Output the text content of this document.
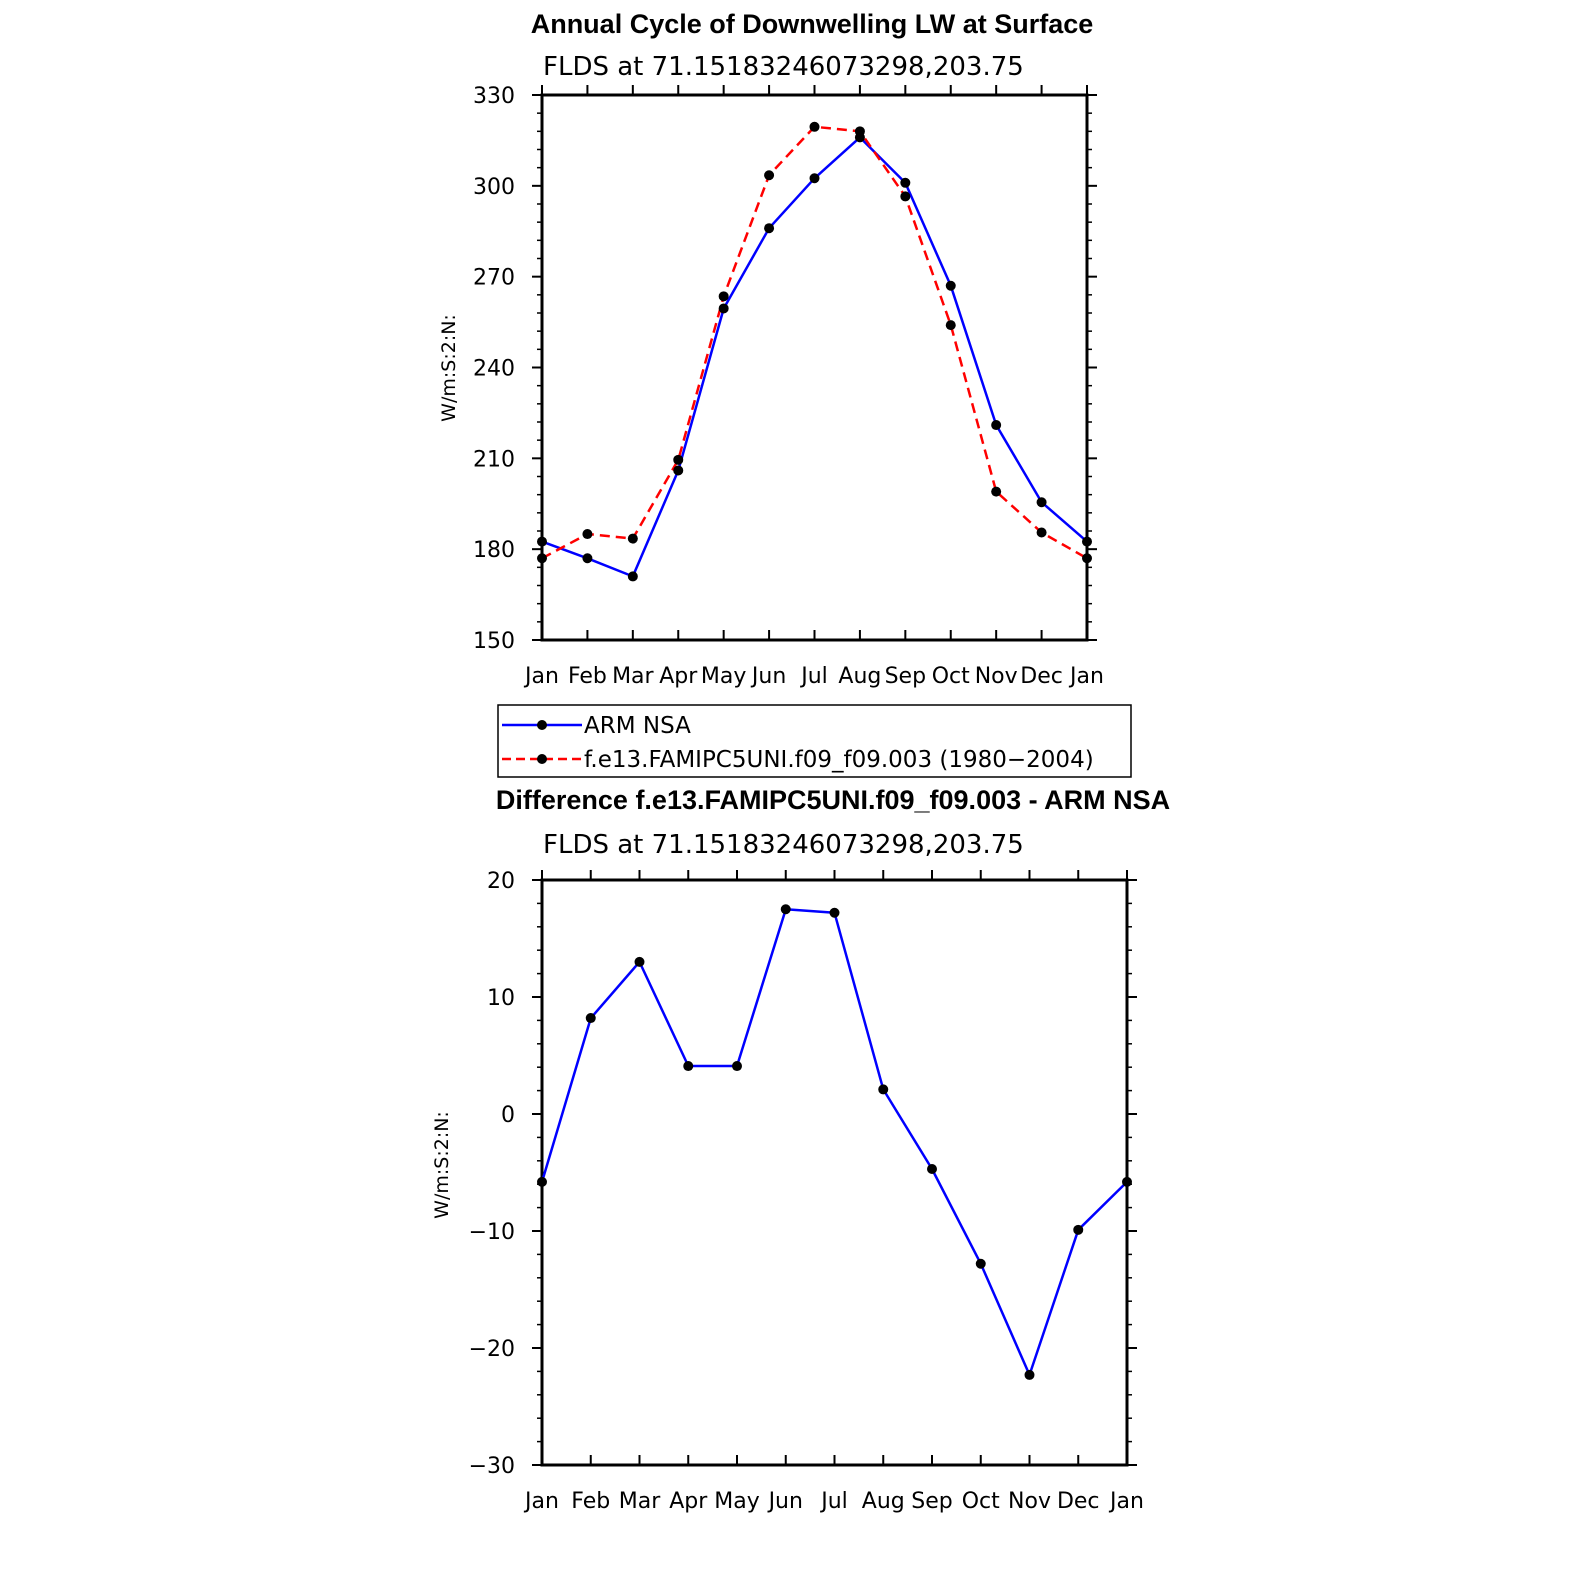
Annual Cycle of Downwelling LW at Surface
FLDS at 71.15183246073298,203.75
W/m:S:2:N:
Jan Feb Mar Apr May Jun Jul Aug Sep Oct Nov Dec Jan
150
180
210
240
270
300
330
ARM NSA
f.e13.FAMIPC5UNI.f09_f09.003 (1980−2004)
Difference f.e13.FAMIPC5UNI.f09_f09.003 - ARM NSA
FLDS at 71.15183246073298,203.75
W/m:S:2:N:
Jan Feb Mar Apr May Jun Jul Aug Sep Oct Nov Dec Jan
−30
−20
−10
0
10
20
